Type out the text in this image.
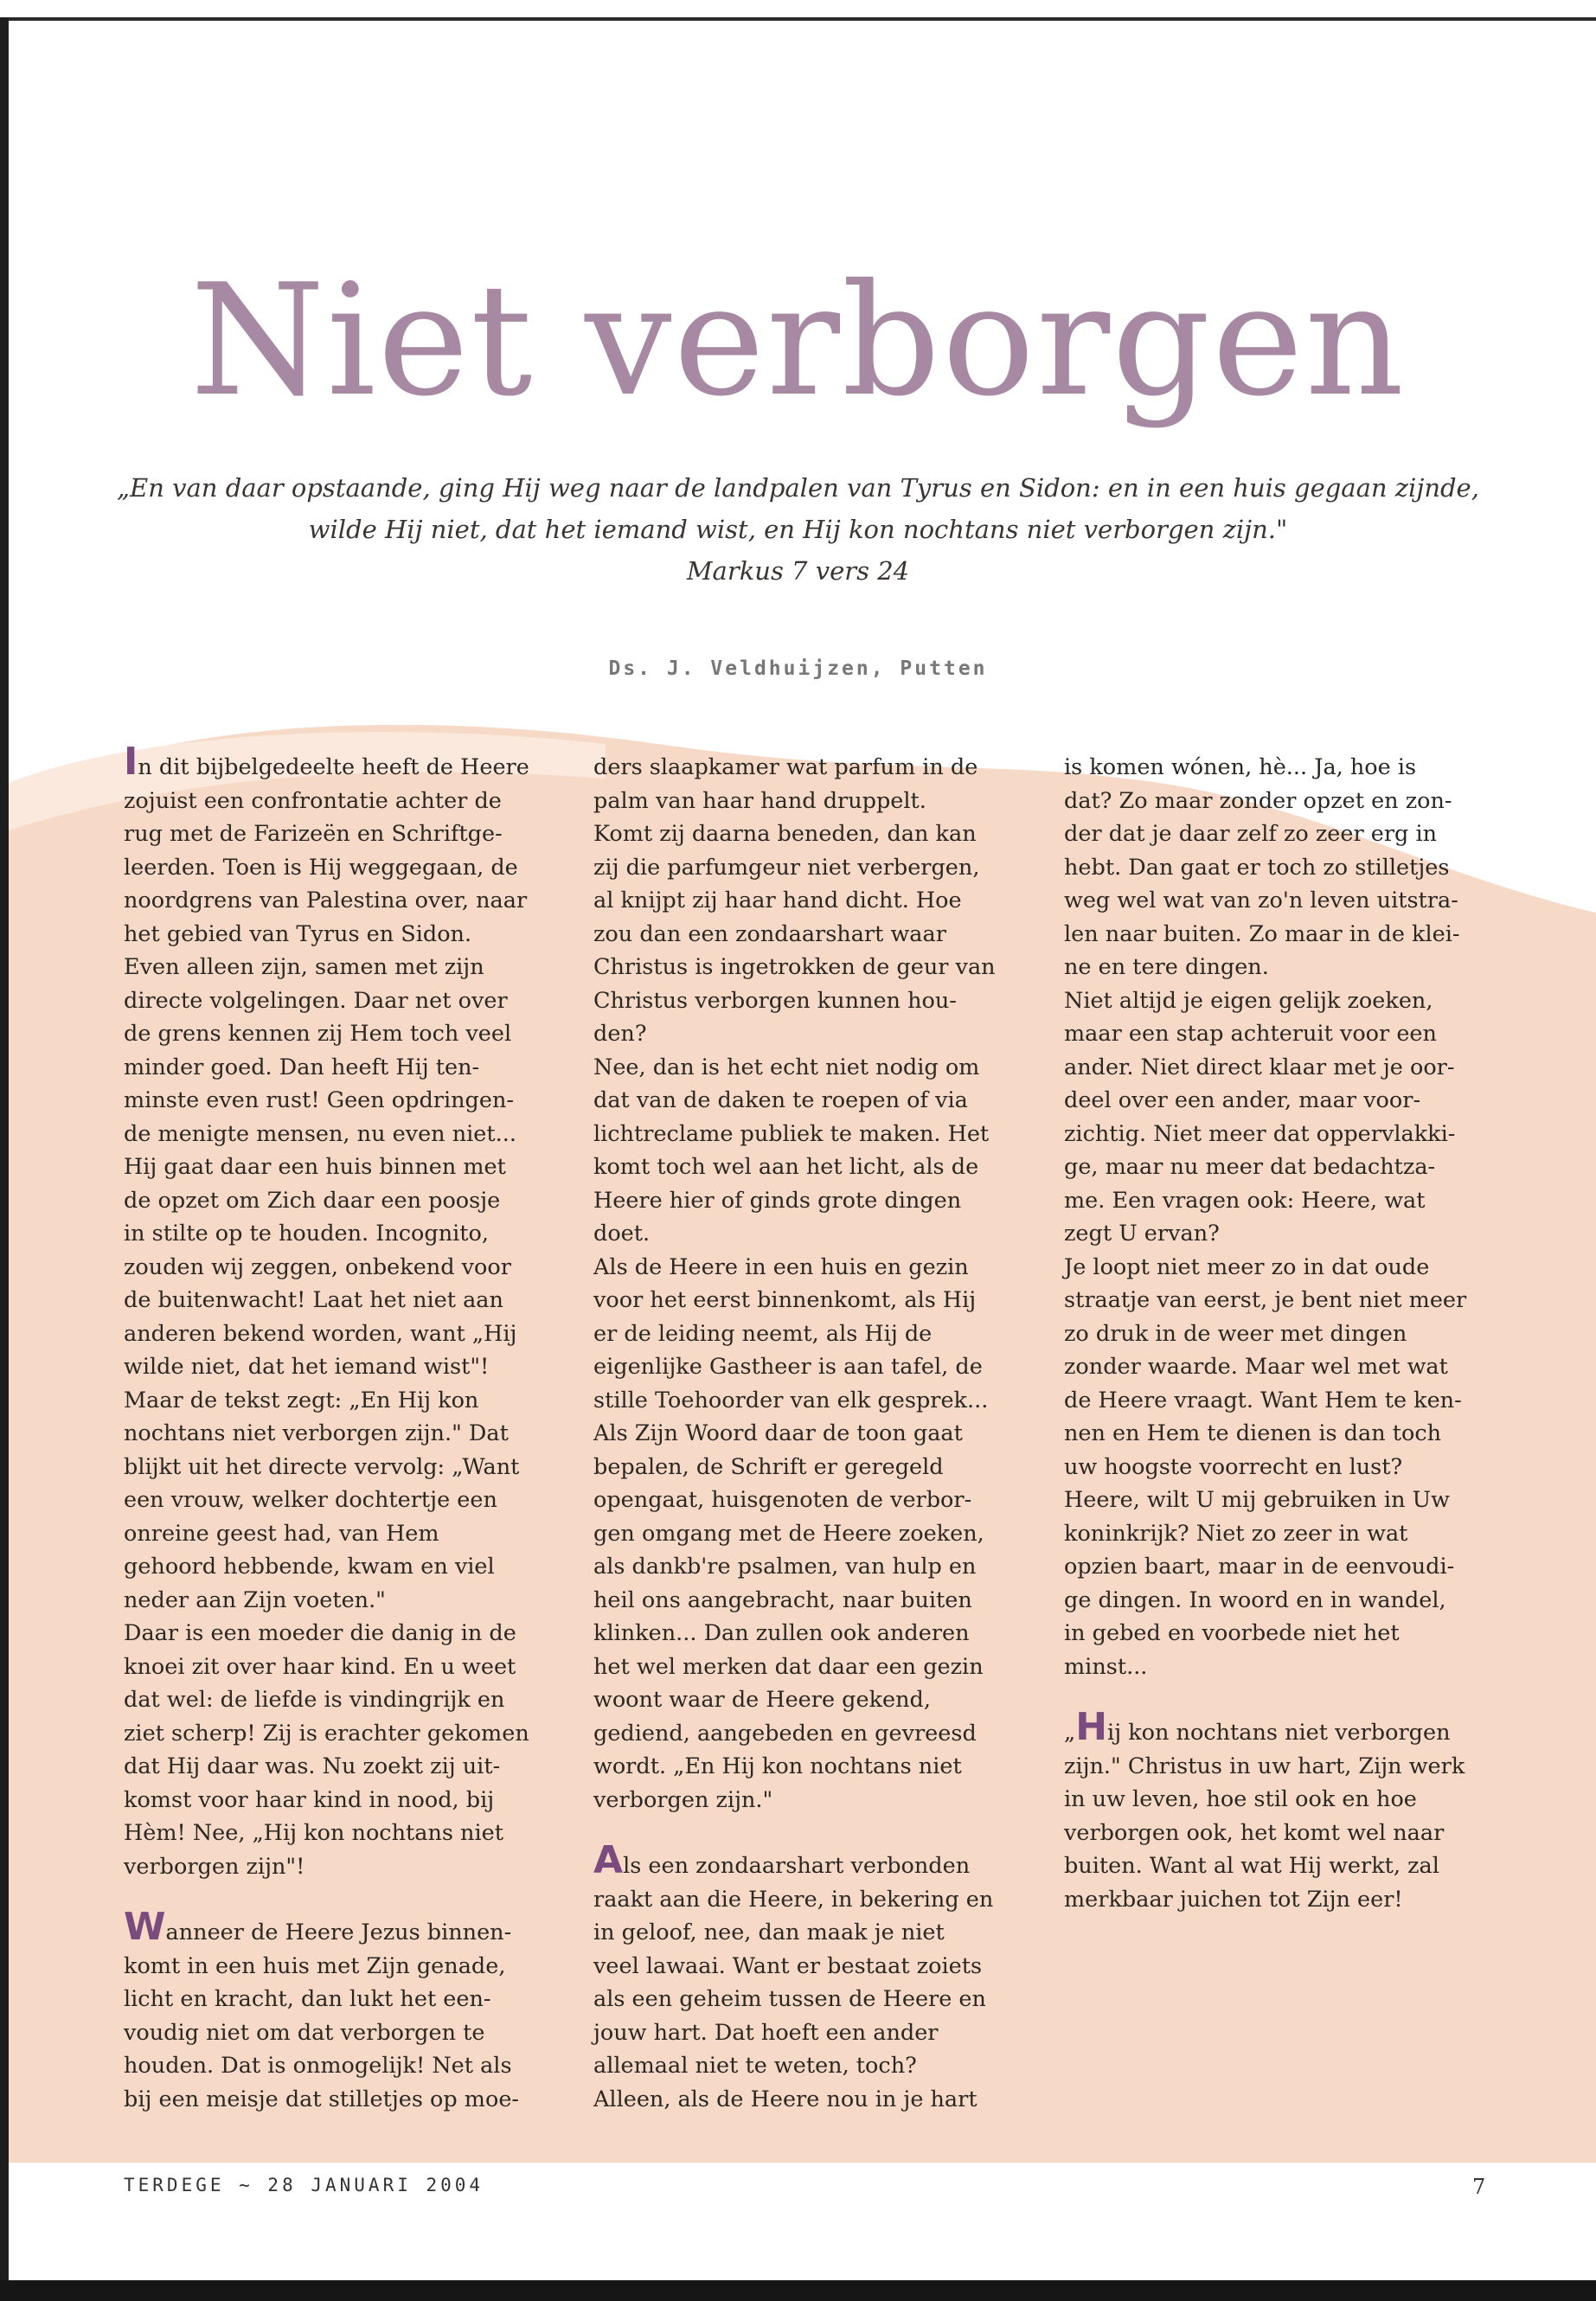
Niet verborgen
„En van daar opstaande, ging Hij weg naar de landpalen van Tyrus en Sidon: en in een huis gegaan zijnde, wilde Hij niet, dat het iemand wist, en Hij kon nochtans niet verborgen zijn."
Markus 7 vers 24
Ds. J. Veldhuijzen, Putten

In dit bijbelgedeelte heeft de Heere
zojuist een confrontatie achter de
rug met de Farizeën en Schriftge-
leerden. Toen is Hij weggegaan, de
noordgrens van Palestina over, naar
het gebied van Tyrus en Sidon.
Even alleen zijn, samen met zijn
directe volgelingen. Daar net over
de grens kennen zij Hem toch veel
minder goed. Dan heeft Hij ten-
minste even rust! Geen opdringen-
de menigte mensen, nu even niet...
Hij gaat daar een huis binnen met
de opzet om Zich daar een poosje
in stilte op te houden. Incognito,
zouden wij zeggen, onbekend voor
de buitenwacht! Laat het niet aan
anderen bekend worden, want „Hij
wilde niet, dat het iemand wist"!
Maar de tekst zegt: „En Hij kon
nochtans niet verborgen zijn." Dat
blijkt uit het directe vervolg: „Want
een vrouw, welker dochtertje een
onreine geest had, van Hem
gehoord hebbende, kwam en viel
neder aan Zijn voeten."
Daar is een moeder die danig in de
knoei zit over haar kind. En u weet
dat wel: de liefde is vindingrijk en
ziet scherp! Zij is erachter gekomen
dat Hij daar was. Nu zoekt zij uit-
komst voor haar kind in nood, bij
Hèm! Nee, „Hij kon nochtans niet
verborgen zijn"!

Wanneer de Heere Jezus binnen-
komt in een huis met Zijn genade,
licht en kracht, dan lukt het een-
voudig niet om dat verborgen te
houden. Dat is onmogelijk! Net als
bij een meisje dat stilletjes op moe-

ders slaapkamer wat parfum in de
palm van haar hand druppelt.
Komt zij daarna beneden, dan kan
zij die parfumgeur niet verbergen,
al knijpt zij haar hand dicht. Hoe
zou dan een zondaarshart waar
Christus is ingetrokken de geur van
Christus verborgen kunnen hou-
den?
Nee, dan is het echt niet nodig om
dat van de daken te roepen of via
lichtreclame publiek te maken. Het
komt toch wel aan het licht, als de
Heere hier of ginds grote dingen
doet.
Als de Heere in een huis en gezin
voor het eerst binnenkomt, als Hij
er de leiding neemt, als Hij de
eigenlijke Gastheer is aan tafel, de
stille Toehoorder van elk gesprek...
Als Zijn Woord daar de toon gaat
bepalen, de Schrift er geregeld
opengaat, huisgenoten de verbor-
gen omgang met de Heere zoeken,
als dankb're psalmen, van hulp en
heil ons aangebracht, naar buiten
klinken... Dan zullen ook anderen
het wel merken dat daar een gezin
woont waar de Heere gekend,
gediend, aangebeden en gevreesd
wordt. „En Hij kon nochtans niet
verborgen zijn."

Als een zondaarshart verbonden
raakt aan die Heere, in bekering en
in geloof, nee, dan maak je niet
veel lawaai. Want er bestaat zoiets
als een geheim tussen de Heere en
jouw hart. Dat hoeft een ander
allemaal niet te weten, toch?
Alleen, als de Heere nou in je hart

is komen wónen, hè... Ja, hoe is
dat? Zo maar zonder opzet en zon-
der dat je daar zelf zo zeer erg in
hebt. Dan gaat er toch zo stilletjes
weg wel wat van zo'n leven uitstra-
len naar buiten. Zo maar in de klei-
ne en tere dingen.
Niet altijd je eigen gelijk zoeken,
maar een stap achteruit voor een
ander. Niet direct klaar met je oor-
deel over een ander, maar voor-
zichtig. Niet meer dat oppervlakki-
ge, maar nu meer dat bedachtza-
me. Een vragen ook: Heere, wat
zegt U ervan?
Je loopt niet meer zo in dat oude
straatje van eerst, je bent niet meer
zo druk in de weer met dingen
zonder waarde. Maar wel met wat
de Heere vraagt. Want Hem te ken-
nen en Hem te dienen is dan toch
uw hoogste voorrecht en lust?
Heere, wilt U mij gebruiken in Uw
koninkrijk? Niet zo zeer in wat
opzien baart, maar in de eenvoudi-
ge dingen. In woord en in wandel,
in gebed en voorbede niet het
minst...

„Hij kon nochtans niet verborgen
zijn." Christus in uw hart, Zijn werk
in uw leven, hoe stil ook en hoe
verborgen ook, het komt wel naar
buiten. Want al wat Hij werkt, zal
merkbaar juichen tot Zijn eer!

TERDEGE ~ 28 JANUARI 2004	7
